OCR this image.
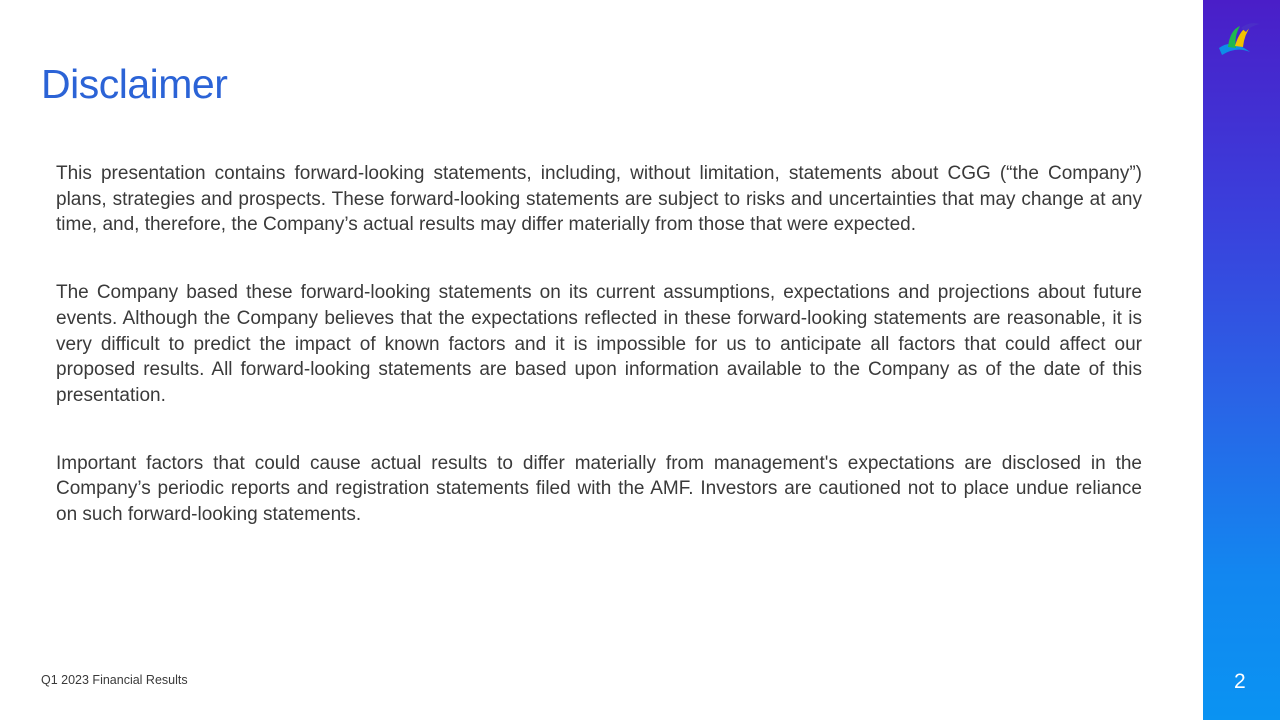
Disclaimer

This presentation contains forward-looking statements, including, without limitation, statements about CGG (“the Company”) plans, strategies and prospects. These forward-looking statements are subject to risks and uncertainties that may change at any time, and, therefore, the Company’s actual results may differ materially from those that were expected.

The Company based these forward-looking statements on its current assumptions, expectations and projections about future events. Although the Company believes that the expectations reflected in these forward-looking statements are reasonable, it is very difficult to predict the impact of known factors and it is impossible for us to anticipate all factors that could affect our proposed results. All forward-looking statements are based upon information available to the Company as of the date of this presentation.

Important factors that could cause actual results to differ materially from management's expectations are disclosed in the Company’s periodic reports and registration statements filed with the AMF. Investors are cautioned not to place undue reliance on such forward-looking statements.

Q1 2023 Financial Results	2
